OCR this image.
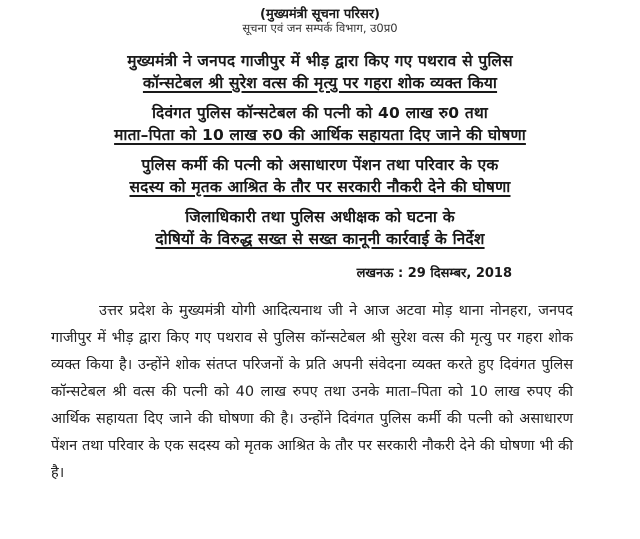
(मुख्यमंत्री सूचना परिसर)
सूचना एवं जन सम्पर्क विभाग, उ0प्र0
मुख्यमंत्री ने जनपद गाजीपुर में भीड़ द्वारा किए गए पथराव से पुलिस
कॉन्सटेबल श्री सुरेश वत्स की मृत्यु पर गहरा शोक व्यक्त किया
दिवंगत पुलिस कॉन्सटेबल की पत्नी को 40 लाख रु0 तथा
माता–पिता को 10 लाख रु0 की आर्थिक सहायता दिए जाने की घोषणा
पुलिस कर्मी की पत्नी को असाधारण पेंशन तथा परिवार के एक
सदस्य को मृतक आश्रित के तौर पर सरकारी नौकरी देने की घोषणा
जिलाधिकारी तथा पुलिस अधीक्षक को घटना के
दोषियों के विरुद्ध सख्त से सख्त कानूनी कार्रवाई के निर्देश
लखनऊ : 29 दिसम्बर, 2018
उत्तर प्रदेश के मुख्यमंत्री योगी आदित्यनाथ जी ने आज अटवा मोड़ थाना नोनहरा, जनपद गाजीपुर में भीड़ द्वारा किए गए पथराव से पुलिस कॉन्सटेबल श्री सुरेश वत्स की मृत्यु पर गहरा शोक व्यक्त किया है। उन्होंने शोक संतप्त परिजनों के प्रति अपनी संवेदना व्यक्त करते हुए दिवंगत पुलिस कॉन्सटेबल श्री वत्स की पत्नी को 40 लाख रुपए तथा उनके माता–पिता को 10 लाख रुपए की आर्थिक सहायता दिए जाने की घोषणा की है। उन्होंने दिवंगत पुलिस कर्मी की पत्नी को असाधारण पेंशन तथा परिवार के एक सदस्य को मृतक आश्रित के तौर पर सरकारी नौकरी देने की घोषणा भी की है।
